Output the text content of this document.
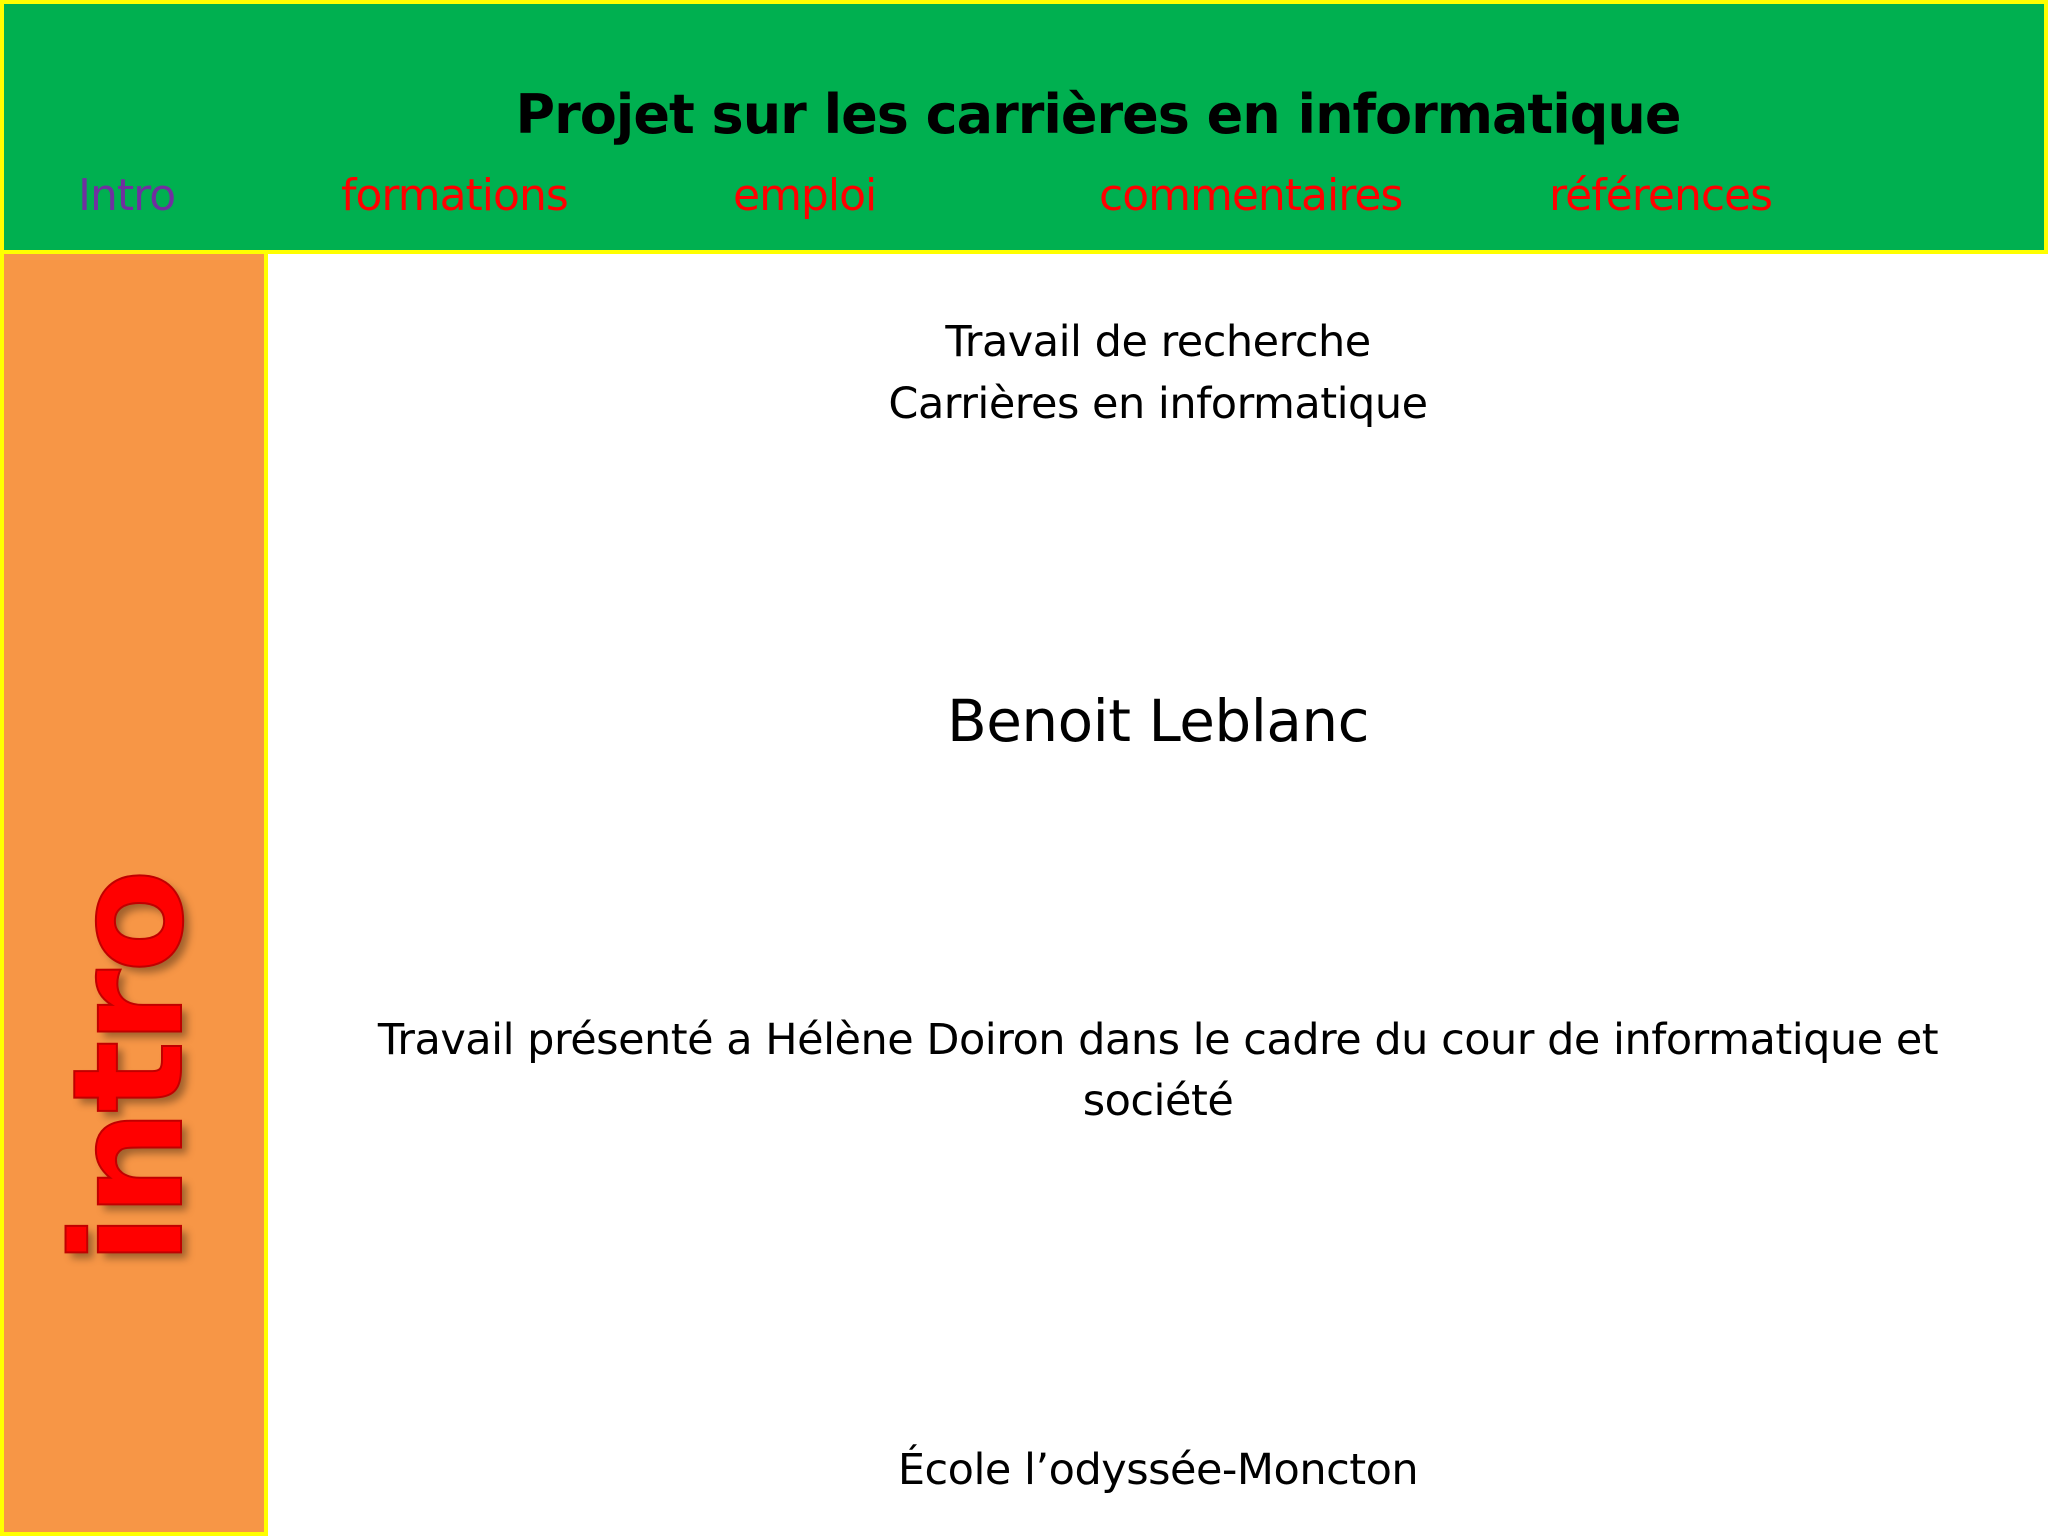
Projet sur les carrières en informatique
Intro	formations	emploi	commentaires	références
intro
Travail de recherche
Carrières en informatique
Benoit Leblanc
Travail présenté a Hélène Doiron dans le cadre du cour de informatique et
société
École l’odyssée-Moncton
